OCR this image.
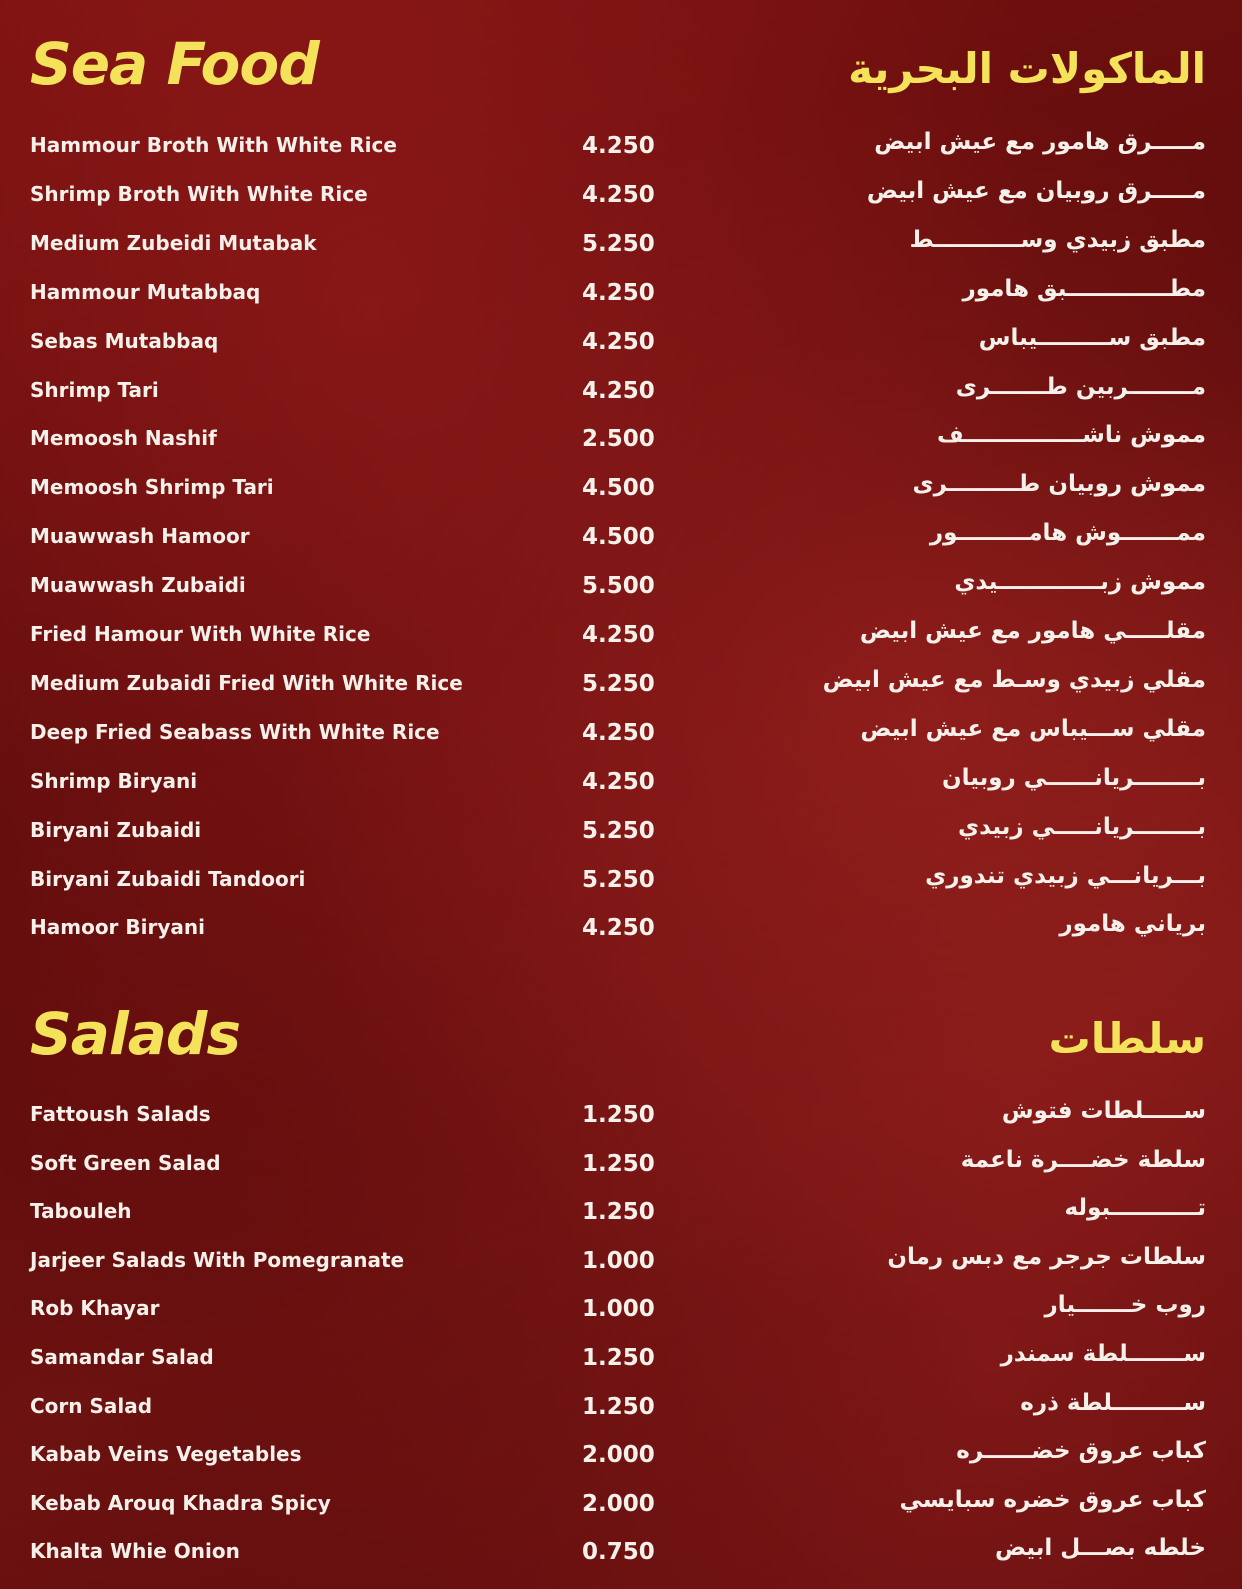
Sea Food	الماكولات البحرية
Hammour Broth With White Rice	4.250	مـــــرق هامور مع عيش ابيض
Shrimp Broth With White Rice	4.250	مـــــرق روبيان مع عيش ابيض
Medium Zubeidi Mutabak	5.250	مطبق زبيدي وســـــــــــط
Hammour Mutabbaq	4.250	مطـــــــــــــبق هامور
Sebas Mutabbaq	4.250	مطبق ســـــــــيباس
Shrimp Tari	4.250	مــــــــربين طـــــــرى
Memoosh Nashif	2.500	مموش ناشـــــــــــــــف
Memoosh Shrimp Tari	4.500	مموش روبيان طـــــــــرى
Muawwash Hamoor	4.500	ممـــــــوش هامـــــــــور
Muawwash Zubaidi	5.500	مموش زبـــــــــــــيدي
Fried Hamour With White Rice	4.250	مقلـــــي هامور مع عيش ابيض
Medium Zubaidi Fried With White Rice	5.250	مقلي زبيدي وسـط مع عيش ابيض
Deep Fried Seabass With White Rice	4.250	مقلي ســـيباس مع عيش ابيض
Shrimp Biryani	4.250	بــــــــريانــــــي روبيان
Biryani Zubaidi	5.250	بــــــــريانـــــي زبيدي
Biryani Zubaidi Tandoori	5.250	بـــريانـــي زبيدي تندوري
Hamoor Biryani	4.250	برياني هامور
Salads	سلطات
Fattoush Salads	1.250	ســـــلطات فتوش
Soft Green Salad	1.250	سلطة خضــــرة ناعمة
Tabouleh	1.250	تـــــــــــبوله
Jarjeer Salads With Pomegranate	1.000	سلطات جرجر مع دبس رمان
Rob Khayar	1.000	روب خـــــــيار
Samandar Salad	1.250	ســـــــلطة سمندر
Corn Salad	1.250	ســـــــــلطة ذره
Kabab Veins Vegetables	2.000	كباب عروق خضــــــره
Kebab Arouq Khadra Spicy	2.000	كباب عروق خضره سبايسي
Khalta Whie Onion	0.750	خلطه بصـــل ابيض
